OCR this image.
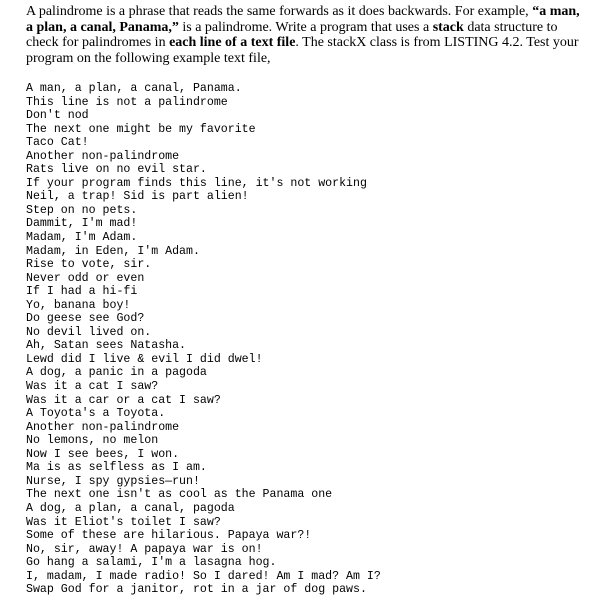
A palindrome is a phrase that reads the same forwards as it does backwards. For example, “a man, a plan, a canal, Panama,” is a palindrome. Write a program that uses a stack data structure to check for palindromes in each line of a text file. The stackX class is from LISTING 4.2. Test your program on the following example text file,

A man, a plan, a canal, Panama.
This line is not a palindrome
Don't nod
The next one might be my favorite
Taco Cat!
Another non-palindrome
Rats live on no evil star.
If your program finds this line, it's not working
Neil, a trap! Sid is part alien!
Step on no pets.
Dammit, I'm mad!
Madam, I'm Adam.
Madam, in Eden, I'm Adam.
Rise to vote, sir.
Never odd or even
If I had a hi-fi
Yo, banana boy!
Do geese see God?
No devil lived on.
Ah, Satan sees Natasha.
Lewd did I live & evil I did dwel!
A dog, a panic in a pagoda
Was it a cat I saw?
Was it a car or a cat I saw?
A Toyota's a Toyota.
Another non-palindrome
No lemons, no melon
Now I see bees, I won.
Ma is as selfless as I am.
Nurse, I spy gypsies—run!
The next one isn't as cool as the Panama one
A dog, a plan, a canal, pagoda
Was it Eliot's toilet I saw?
Some of these are hilarious. Papaya war?!
No, sir, away! A papaya war is on!
Go hang a salami, I'm a lasagna hog.
I, madam, I made radio! So I dared! Am I mad? Am I?
Swap God for a janitor, rot in a jar of dog paws.
